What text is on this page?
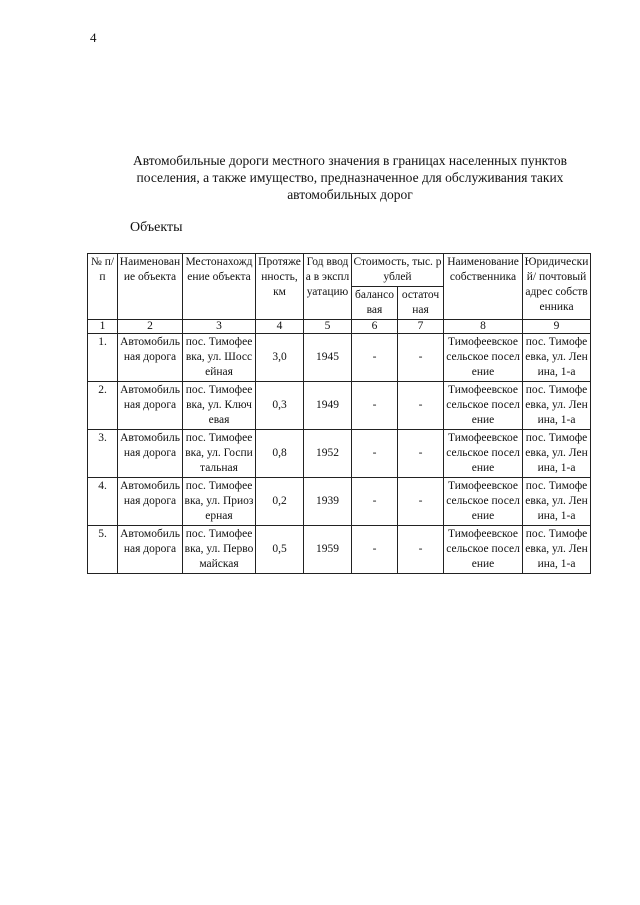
4
Автомобильные дороги местного значения в границах населенных пунктов поселения, а также имущество, предназначенное для обслуживания таких автомобильных дорог
Объекты
№ п/п	Наименование объекта	Местонахождение объекта	Протяженность, км	Год ввода в эксплуатацию	Стоимость, тыс. рублей		Наименование собственника	Юридический/ почтовый адрес собственника
					балансовая	остаточная		
1	2	3	4	5	6	7	8	9
1.	Автомобильная дорога	пос. Тимофеевка, ул. Шоссейная	3,0	1945	-	-	Тимофеевское сельское поселение	пос. Тимофеевка, ул. Ленина, 1-а
2.	Автомобильная дорога	пос. Тимофеевка, ул. Ключевая	0,3	1949	-	-	Тимофеевское сельское поселение	пос. Тимофеевка, ул. Ленина, 1-а
3.	Автомобильная дорога	пос. Тимофеевка, ул. Госпитальная	0,8	1952	-	-	Тимофеевское сельское поселение	пос. Тимофеевка, ул. Ленина, 1-а
4.	Автомобильная дорога	пос. Тимофеевка, ул. Приозерная	0,2	1939	-	-	Тимофеевское сельское поселение	пос. Тимофеевка, ул. Ленина, 1-а
5.	Автомобильная дорога	пос. Тимофеевка, ул. Первомайская	0,5	1959	-	-	Тимофеевское сельское поселение	пос. Тимофеевка, ул. Ленина, 1-а
